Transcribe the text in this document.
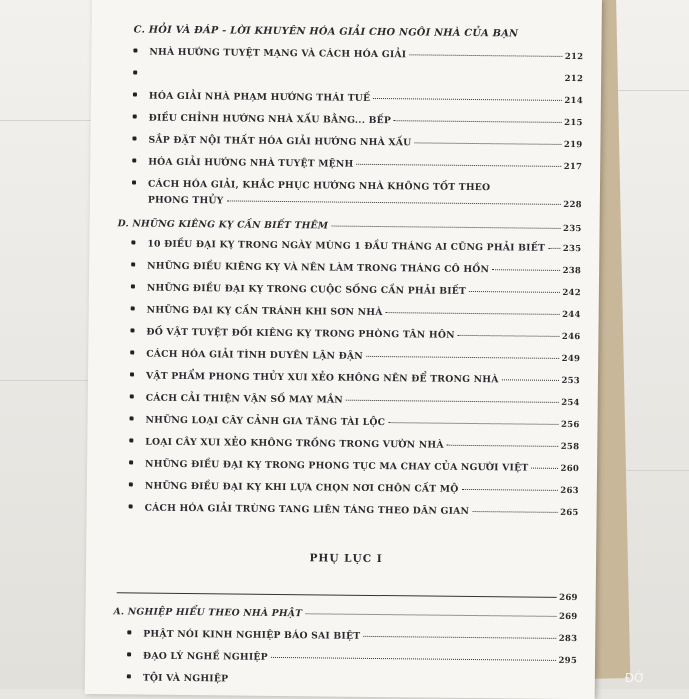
C. HỎI VÀ ĐÁP - LỜI KHUYÊN HÓA GIẢI CHO NGÔI NHÀ CỦA BẠN
NHÀ HƯỚNG TUYỆT MẠNG VÀ CÁCH HÓA GIẢI	212
212
HÓA GIẢI NHÀ PHẠM HƯỚNG THÁI TUẾ	214
ĐIỀU CHỈNH HƯỚNG NHÀ XẤU BẰNG... BẾP	215
SẮP ĐẶT NỘI THẤT HÓA GIẢI HƯỚNG NHÀ XẤU	219
HÓA GIẢI HƯỚNG NHÀ TUYỆT MỆNH	217
CÁCH HÓA GIẢI, KHẮC PHỤC HƯỚNG NHÀ KHÔNG TỐT THEO
PHONG THỦY	228
D. NHỮNG KIÊNG KỴ CẦN BIẾT THÊM	235
10 ĐIỀU ĐẠI KỴ TRONG NGÀY MÙNG 1 ĐẦU THÁNG AI CŨNG PHẢI BIẾT 235
NHỮNG ĐIỀU KIÊNG KỴ VÀ NÊN LÀM TRONG THÁNG CÔ HỒN	238
NHỮNG ĐIỀU ĐẠI KỴ TRONG CUỘC SỐNG CẦN PHẢI BIẾT	242
NHỮNG ĐẠI KỴ CẦN TRÁNH KHI SƠN NHÀ	244
ĐỒ VẬT TUYỆT ĐỐI KIÊNG KỴ TRONG PHÒNG TÂN HÔN	246
CÁCH HÓA GIẢI TÌNH DUYÊN LẬN ĐẬN	249
VẬT PHẨM PHONG THỦY XUI XẺO KHÔNG NÊN ĐỂ TRONG NHÀ	253
CÁCH CẢI THIỆN VẬN SỐ MAY MẮN	254
NHỮNG LOẠI CÂY CẢNH GIA TĂNG TÀI LỘC	256
LOẠI CÂY XUI XẺO KHÔNG TRỒNG TRONG VƯỜN NHÀ	258
NHỮNG ĐIỀU ĐẠI KỴ TRONG PHONG TỤC MA CHAY CỦA NGƯỜI VIỆT	260
NHỮNG ĐIỀU ĐẠI KỴ KHI LỰA CHỌN NƠI CHÔN CẤT MỘ	263
CÁCH HÓA GIẢI TRÙNG TANG LIÊN TÁNG THEO DÂN GIAN	265
PHỤ LỤC I
269
A. NGHIỆP HIỂU THEO NHÀ PHẬT	269
PHẬT NÓI KINH NGHIỆP BÁO SAI BIỆT	283
ĐẠO LÝ NGHỀ NGHIỆP	295
TỘI VÀ NGHIỆP	ĐỜ
